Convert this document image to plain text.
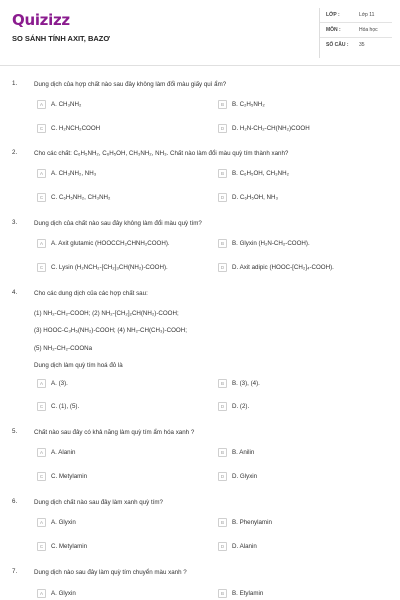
Quizizz
SO SÁNH TÍNH AXIT, BAZƠ
LỚP :	Lớp 11
MÔN :	Hóa học
SỐ CÂU :	35
1.	Dung dịch của hợp chất nào sau đây không làm đổi màu giấy quì ẩm?
A	A. CH₃NH₂	B	B. C₂H₅NH₂
C	C. H₂NCH₂COOH	D	D. H₂N-CH₂-CH(NH₂)COOH
2.	Cho các chất: C₆H₅NH₂, C₆H₅OH, CH₃NH₂, NH₃. Chất nào làm đổi màu quỳ tím thành xanh?
A	A. CH₃NH₂, NH₃	B	B. C₆H₅OH, CH₃NH₂
C	C. C₆H₅NH₂, CH₃NH₂	D	D. C₆H₅OH, NH₃
3.	Dung dịch của chất nào sau đây không làm đổi màu quỳ tím?
A	A. Axit glutamic (HOOCCH₂CHNH₂COOH).	B	B. Glyxin (H₂N-CH₂-COOH).
C	C. Lysin (H₂NCH₂-[CH₂]₃CH(NH₂)-COOH).	D	D. Axit adipic (HOOC-[CH₂]₄-COOH).
4.	Cho các dung dịch của các hợp chất sau:
(1) NH₂-CH₂-COOH; (2) NH₂-[CH₂]₂CH(NH₂)-COOH;
(3) HOOC-C₃H₅(NH₂)-COOH; (4) NH₂-CH(CH₃)-COOH;
(5) NH₂-CH₂-COONa
Dung dịch làm quỳ tím hoá đỏ là
A	A. (3).	B	B. (3), (4).
C	C. (1), (5).	D	D. (2).
5.	Chất nào sau đây có khả năng làm quỳ tím ẩm hóa xanh ?
A	A. Alanin	B	B. Anilin
C	C. Metylamin	D	D. Glyxin
6.	Dung dịch chất nào sau đây làm xanh quỳ tím?
A	A. Glyxin	B	B. Phenylamin
C	C. Metylamin	D	D. Alanin
7.	Dung dịch nào sau đây làm quỳ tím chuyển màu xanh ?
A	A. Glyxin	B	B. Etylamin
